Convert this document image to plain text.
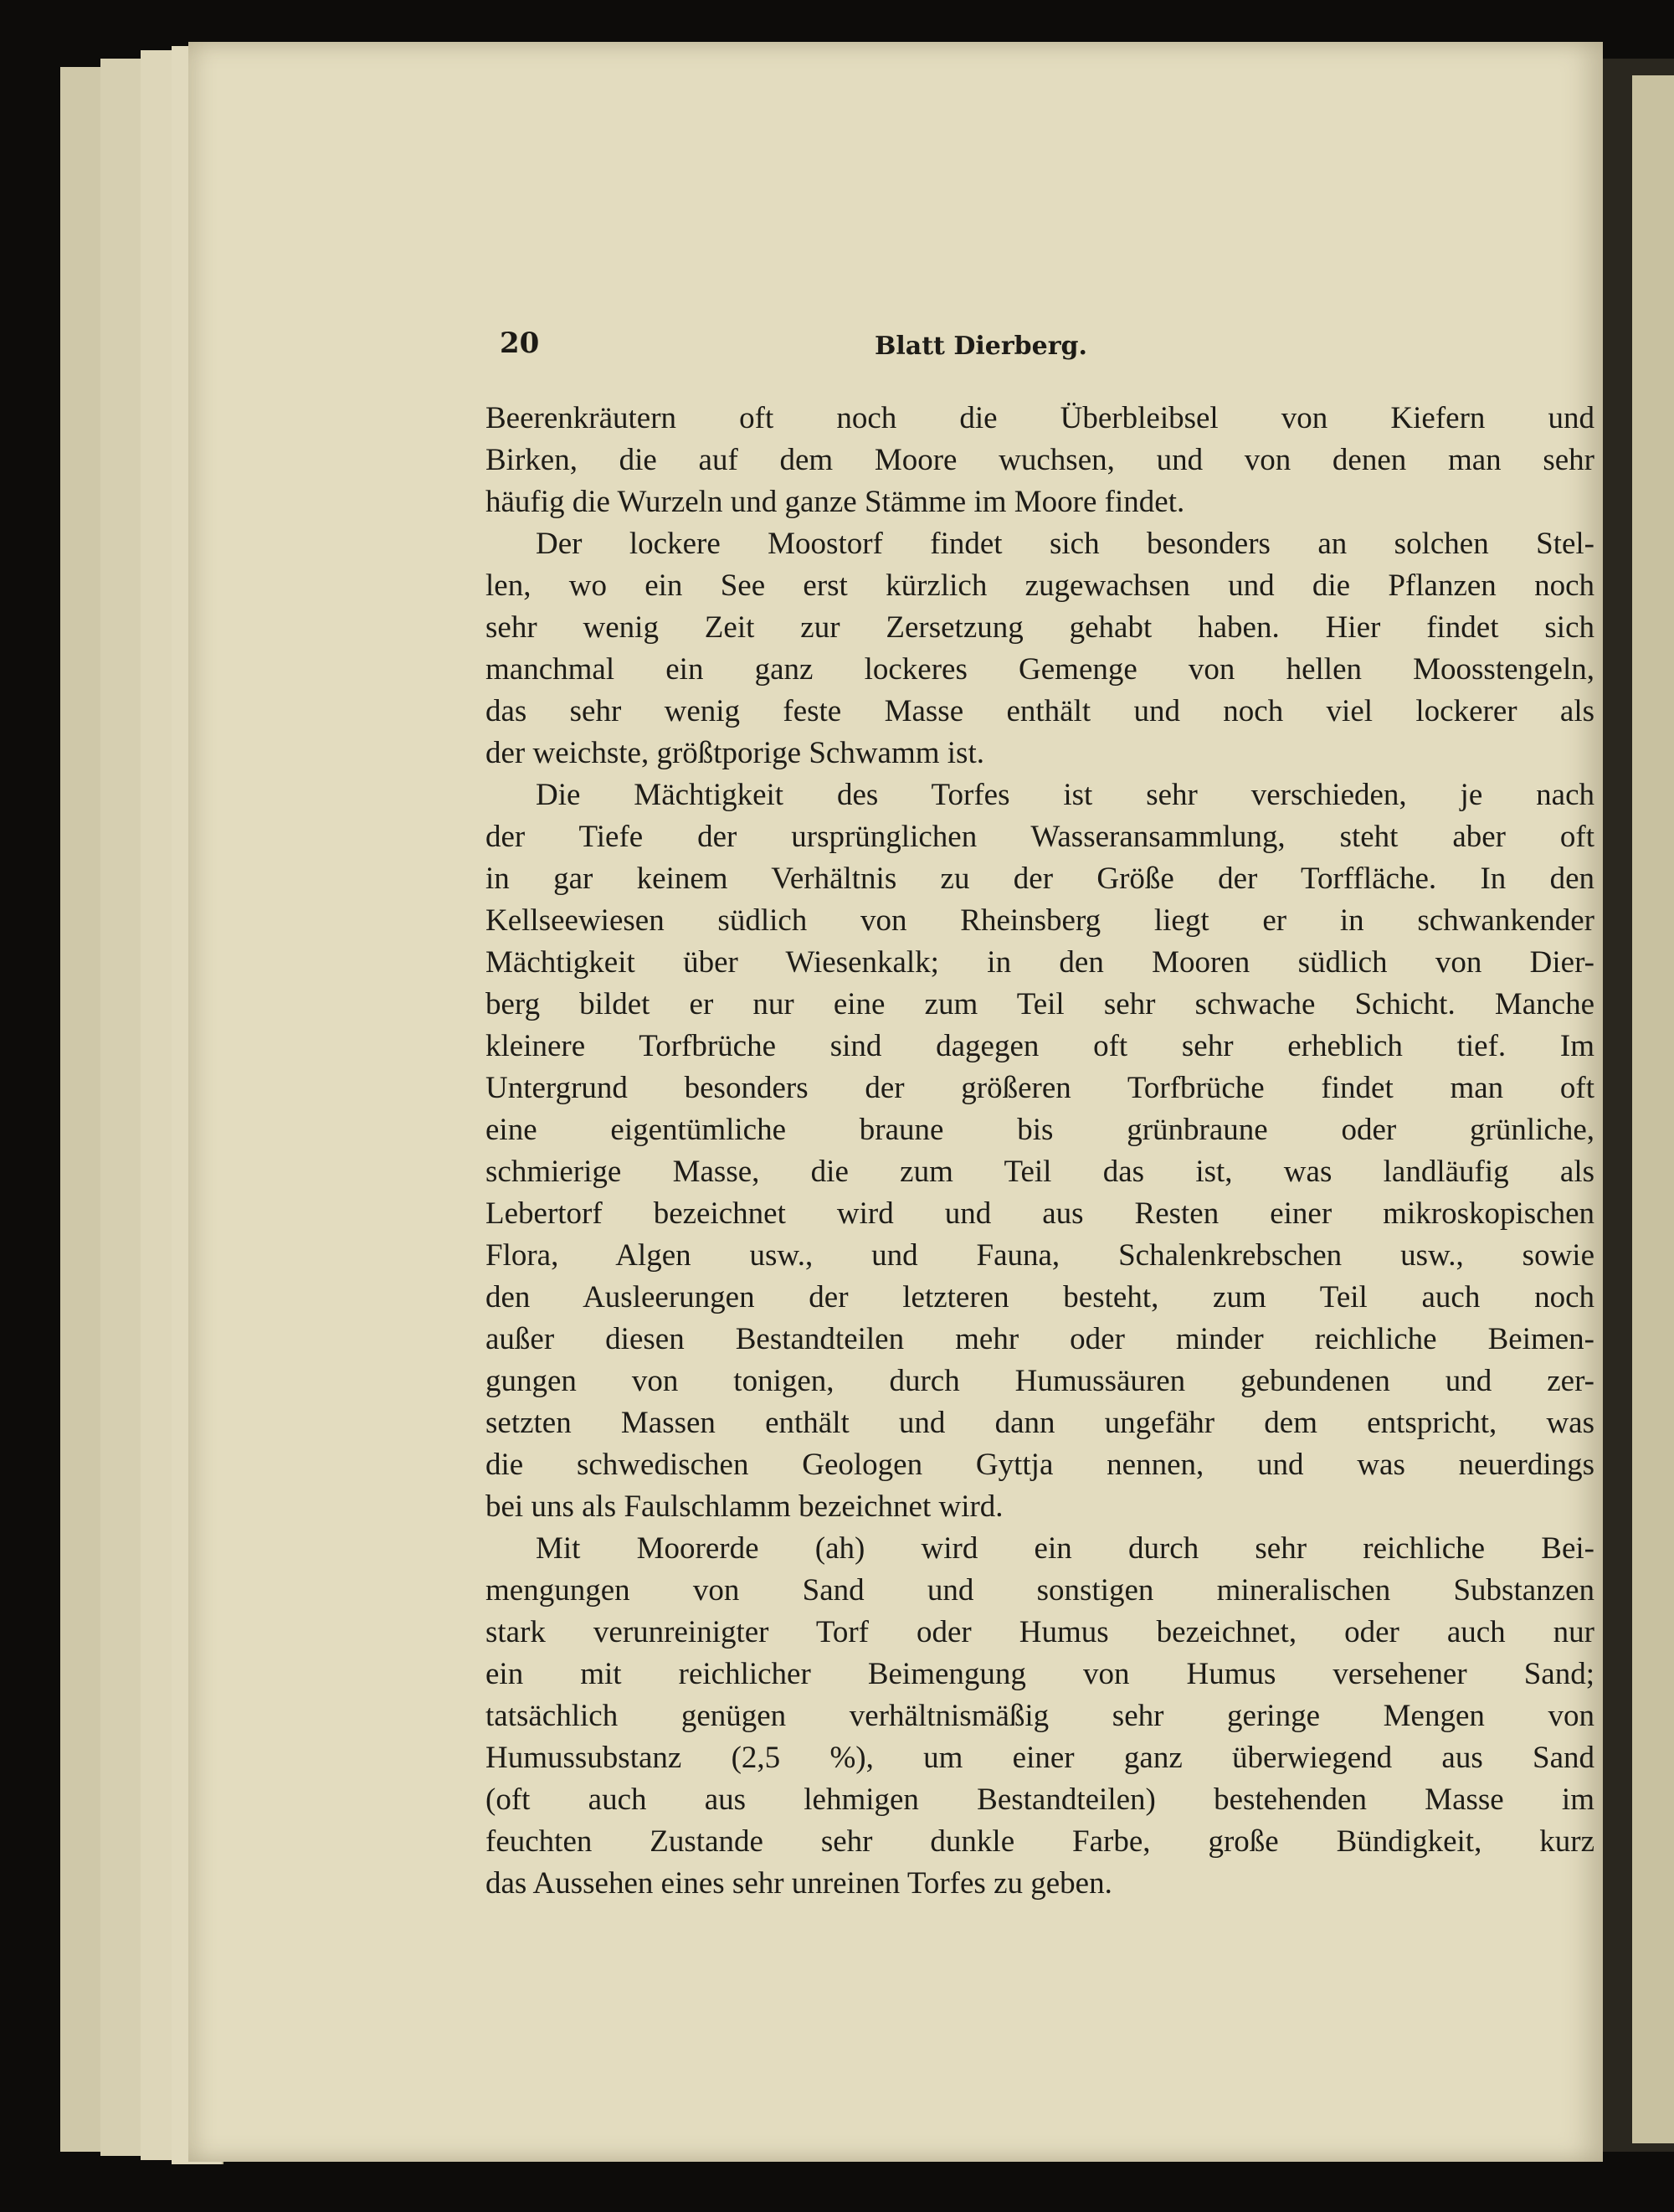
20	Blatt Dierberg.
Beerenkräutern oft noch die Überbleibsel von Kiefern und
Birken, die auf dem Moore wuchsen, und von denen man sehr
häufig die Wurzeln und ganze Stämme im Moore findet.
Der lockere Moostorf findet sich besonders an solchen Stel-
len, wo ein See erst kürzlich zugewachsen und die Pflanzen noch
sehr wenig Zeit zur Zersetzung gehabt haben. Hier findet sich
manchmal ein ganz lockeres Gemenge von hellen Moosstengeln,
das sehr wenig feste Masse enthält und noch viel lockerer als
der weichste, größtporige Schwamm ist.
Die Mächtigkeit des Torfes ist sehr verschieden, je nach
der Tiefe der ursprünglichen Wasseransammlung, steht aber oft
in gar keinem Verhältnis zu der Größe der Torffläche. In den
Kellseewiesen südlich von Rheinsberg liegt er in schwankender
Mächtigkeit über Wiesenkalk; in den Mooren südlich von Dier-
berg bildet er nur eine zum Teil sehr schwache Schicht. Manche
kleinere Torfbrüche sind dagegen oft sehr erheblich tief. Im
Untergrund besonders der größeren Torfbrüche findet man oft
eine eigentümliche braune bis grünbraune oder grünliche,
schmierige Masse, die zum Teil das ist, was landläufig als
Lebertorf bezeichnet wird und aus Resten einer mikroskopischen
Flora, Algen usw., und Fauna, Schalenkrebschen usw., sowie
den Ausleerungen der letzteren besteht, zum Teil auch noch
außer diesen Bestandteilen mehr oder minder reichliche Beimen-
gungen von tonigen, durch Humussäuren gebundenen und zer-
setzten Massen enthält und dann ungefähr dem entspricht, was
die schwedischen Geologen Gyttja nennen, und was neuerdings
bei uns als Faulschlamm bezeichnet wird.
Mit Moorerde (ah) wird ein durch sehr reichliche Bei-
mengungen von Sand und sonstigen mineralischen Substanzen
stark verunreinigter Torf oder Humus bezeichnet, oder auch nur
ein mit reichlicher Beimengung von Humus versehener Sand;
tatsächlich genügen verhältnismäßig sehr geringe Mengen von
Humussubstanz (2,5 %), um einer ganz überwiegend aus Sand
(oft auch aus lehmigen Bestandteilen) bestehenden Masse im
feuchten Zustande sehr dunkle Farbe, große Bündigkeit, kurz
das Aussehen eines sehr unreinen Torfes zu geben.
